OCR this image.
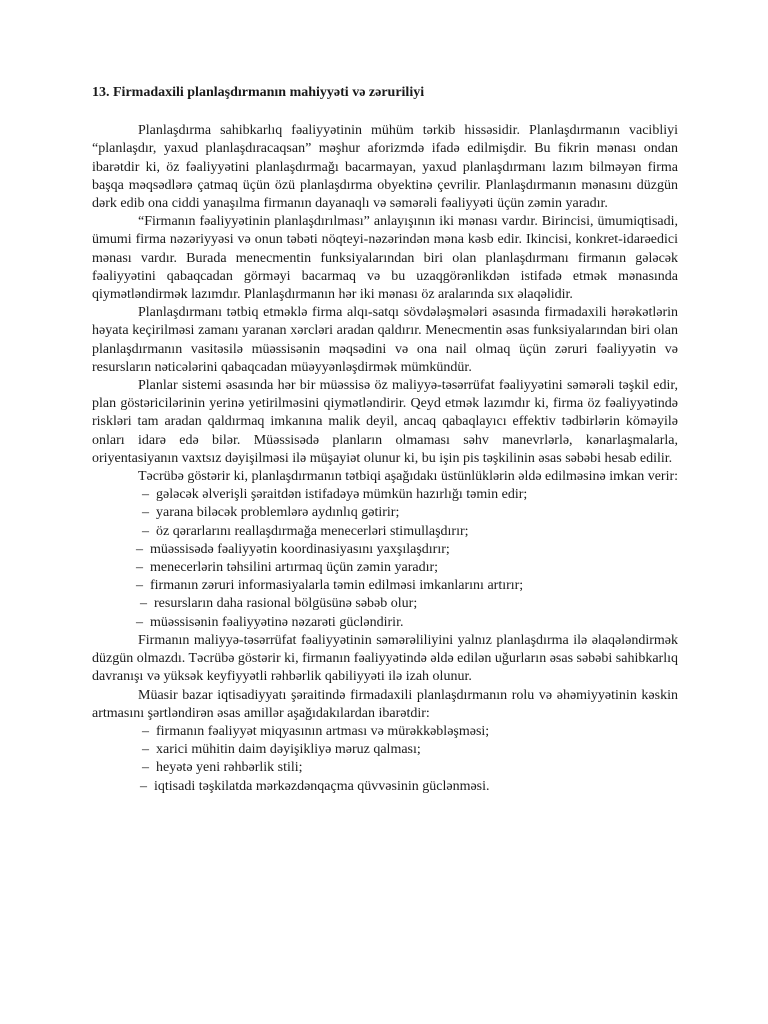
13. Firmadaxili planlaşdırmanın mahiyyəti və zəruriliyi

Planlaşdırma sahibkarlıq fəaliyyətinin mühüm tərkib hissəsidir. Planlaşdırmanın vacibliyi “planlaşdır, yaxud planlaşdıracaqsan” məşhur aforizmdə ifadə edilmişdir. Bu fikrin mənası ondan ibarətdir ki, öz fəaliyyətini planlaşdırmağı bacarmayan, yaxud planlaşdırmanı lazım bilməyən firma başqa məqsədlərə çatmaq üçün özü planlaşdırma obyektinə çevrilir. Planlaşdırmanın mənasını düzgün dərk edib ona ciddi yanaşılma firmanın dayanaqlı və səmərəli fəaliyyəti üçün zəmin yaradır.

“Firmanın fəaliyyətinin planlaşdırılması” anlayışının iki mənası vardır. Birincisi, ümumiqtisadi, ümumi firma nəzəriyyəsi və onun təbəti nöqteyi-nəzərindən məna kəsb edir. Ikincisi, konkret-idarəedici mənası vardır. Burada menecmentin funksiyalarından biri olan planlaşdırmanı firmanın gələcək fəaliyyətini qabaqcadan görməyi bacarmaq və bu uzaqgörənlikdən istifadə etmək mənasında qiymətləndirmək lazımdır. Planlaşdırmanın hər iki mənası öz aralarında sıx əlaqəlidir.

Planlaşdırmanı tətbiq etməklə firma alqı-satqı sövdələşmələri əsasında firmadaxili hərəkətlərin həyata keçirilməsi zamanı yaranan xərcləri aradan qaldırır. Menecmentin əsas funksiyalarından biri olan planlaşdırmanın vasitəsilə müəssisənin məqsədini və ona nail olmaq üçün zəruri fəaliyyətin və resursların nəticələrini qabaqcadan müəyyənləşdirmək mümkündür.

Planlar sistemi əsasında hər bir müəssisə öz maliyyə-təsərrüfat fəaliyyətini səmərəli təşkil edir, plan göstəricilərinin yerinə yetirilməsini qiymətləndirir. Qeyd etmək lazımdır ki, firma öz fəaliyyətində riskləri tam aradan qaldırmaq imkanına malik deyil, ancaq qabaqlayıcı effektiv tədbirlərin köməyilə onları idarə edə bilər. Müəssisədə planların olmaması səhv manevrlərlə, kənarlaşmalarla, oriyentasiyanın vaxtsız dəyişilməsi ilə müşayiət olunur ki, bu işin pis təşkilinin əsas səbəbi hesab edilir.

Təcrübə göstərir ki, planlaşdırmanın tətbiqi aşağıdakı üstünlüklərin əldə edilməsinə imkan verir:

– gələcək əlverişli şəraitdən istifadəyə mümkün hazırlığı təmin edir;
– yarana biləcək problemlərə aydınlıq gətirir;
– öz qərarlarını reallaşdırmağa menecerləri stimullaşdırır;
– müəssisədə fəaliyyətin koordinasiyasını yaxşılaşdırır;
– menecerlərin təhsilini artırmaq üçün zəmin yaradır;
– firmanın zəruri informasiyalarla təmin edilməsi imkanlarını artırır;
– resursların daha rasional bölgüsünə səbəb olur;
– müəssisənin fəaliyyətinə nəzarəti gücləndirir.

Firmanın maliyyə-təsərrüfat fəaliyyətinin səmərəliliyini yalnız planlaşdırma ilə əlaqələndirmək düzgün olmazdı. Təcrübə göstərir ki, firmanın fəaliyyətində əldə edilən uğurların əsas səbəbi sahibkarlıq davranışı və yüksək keyfiyyətli rəhbərlik qabiliyyəti ilə izah olunur.

Müasir bazar iqtisadiyyatı şəraitində firmadaxili planlaşdırmanın rolu və əhəmiyyətinin kəskin artmasını şərtləndirən əsas amillər aşağıdakılardan ibarətdir:

– firmanın fəaliyyət miqyasının artması və mürəkkəbləşməsi;
– xarici mühitin daim dəyişikliyə məruz qalması;
– heyətə yeni rəhbərlik stili;
– iqtisadi təşkilatda mərkəzdənqaçma qüvvəsinin güclənməsi.
